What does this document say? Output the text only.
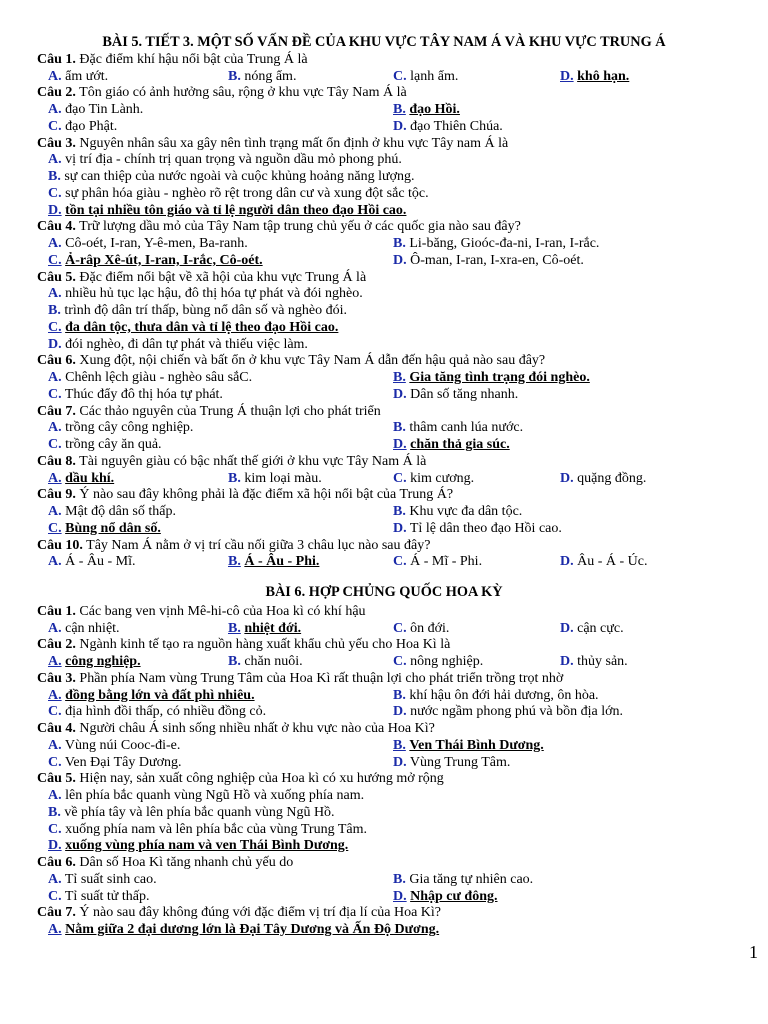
BÀI 5. TIẾT 3. MỘT SỐ VẤN ĐỀ CỦA KHU VỰC TÂY NAM Á VÀ KHU VỰC TRUNG Á
Câu 1. Đặc điểm khí hậu nổi bật của Trung Á là
A. ẩm ướt.	B. nóng ẩm.	C. lạnh ẩm.	D. khô hạn.
Câu 2. Tôn giáo có ảnh hưởng sâu, rộng ở khu vực Tây Nam Á là
A. đạo Tin Lành.	B. đạo Hồi.
C. đạo Phật.	D. đạo Thiên Chúa.
Câu 3. Nguyên nhân sâu xa gây nên tình trạng mất ổn định ở khu vực Tây nam Á là
A. vị trí địa - chính trị quan trọng và nguồn dầu mỏ phong phú.
B. sự can thiệp của nước ngoài và cuộc khủng hoảng năng lượng.
C. sự phân hóa giàu - nghèo rõ rệt trong dân cư và xung đột sắc tộc.
D. tồn tại nhiều tôn giáo và tỉ lệ người dân theo đạo Hồi cao.
Câu 4. Trữ lượng dầu mỏ của Tây Nam tập trung chủ yếu ở các quốc gia nào sau đây?
A. Cô-oét, I-ran, Y-ê-men, Ba-ranh.	B. Li-băng, Gioóc-đa-ni, I-ran, I-rắc.
C. Ả-râp Xê-út, I-ran, I-rắc, Cô-oét.	D. Ô-man, I-ran, I-xra-en, Cô-oét.
Câu 5. Đặc điểm nổi bật về xã hội của khu vực Trung Á là
A. nhiều hủ tục lạc hậu, đô thị hóa tự phát và đói nghèo.
B. trình độ dân trí thấp, bùng nổ dân số và nghèo đói.
C. đa dân tộc, thưa dân và tỉ lệ theo đạo Hồi cao.
D. đói nghèo, đi dân tự phát và thiếu việc làm.
Câu 6. Xung đột, nội chiến và bất ổn ở khu vực Tây Nam Á dẫn đến hậu quả nào sau đây?
A. Chênh lệch giàu - nghèo sâu sắC.	B. Gia tăng tình trạng đói nghèo.
C. Thúc đẩy đô thị hóa tự phát.	D. Dân số tăng nhanh.
Câu 7. Các thảo nguyên của Trung Á thuận lợi cho phát triển
A. trồng cây công nghiệp.	B. thâm canh lúa nước.
C. trồng cây ăn quả.	D. chăn thả gia súc.
Câu 8. Tài nguyên giàu có bậc nhất thế giới ở khu vực Tây Nam Á là
A. dầu khí.	B. kim loại màu.	C. kim cương.	D. quặng đồng.
Câu 9. Ý nào sau đây không phải là đặc điểm xã hội nổi bật của Trung Á?
A. Mật độ dân số thấp.	B. Khu vực đa dân tộc.
C. Bùng nổ dân số.	D. Tỉ lệ dân theo đạo Hồi cao.
Câu 10. Tây Nam Á nằm ở vị trí cầu nối giữa 3 châu lục nào sau đây?
A. Á - Âu - Mĩ.	B. Á - Âu - Phi.	C. Á - Mĩ - Phi.	D. Âu - Á - Úc.
BÀI 6. HỢP CHỦNG QUỐC HOA KỲ
Câu 1. Các bang ven vịnh Mê-hi-cô của Hoa kì có khí hậu
A. cận nhiệt.	B. nhiệt đới.	C. ôn đới.	D. cận cực.
Câu 2. Ngành kinh tế tạo ra nguồn hàng xuất khẩu chủ yếu cho Hoa Kì là
A. công nghiệp.	B. chăn nuôi.	C. nông nghiệp.	D. thủy sản.
Câu 3. Phần phía Nam vùng Trung Tâm của Hoa Kì rất thuận lợi cho phát triển trồng trọt nhờ
A. đồng bằng lớn và đất phì nhiêu.	B. khí hậu ôn đới hải dương, ôn hòa.
C. địa hình đồi thấp, có nhiều đồng cỏ.	D. nước ngầm phong phú và bồn địa lớn.
Câu 4. Người châu Á sinh sống nhiều nhất ở khu vực nào của Hoa Kì?
A. Vùng núi Cooc-đi-e.	B. Ven Thái Bình Dương.
C. Ven Đại Tây Dương.	D. Vùng Trung Tâm.
Câu 5. Hiện nay, sản xuất công nghiệp của Hoa kì có xu hướng mở rộng
A. lên phía bắc quanh vùng Ngũ Hồ và xuống phía nam.
B. về phía tây và lên phía bắc quanh vùng Ngũ Hồ.
C. xuống phía nam và lên phía bắc của vùng Trung Tâm.
D. xuống vùng phía nam và ven Thái Bình Dương.
Câu 6. Dân số Hoa Kì tăng nhanh chủ yếu do
A. Tỉ suất sinh cao.	B. Gia tăng tự nhiên cao.
C. Tỉ suất tử thấp.	D. Nhập cư đông.
Câu 7. Ý nào sau đây không đúng với đặc điểm vị trí địa lí của Hoa Kì?
A. Nằm giữa 2 đại dương lớn là Đại Tây Dương và Ấn Độ Dương.
1
